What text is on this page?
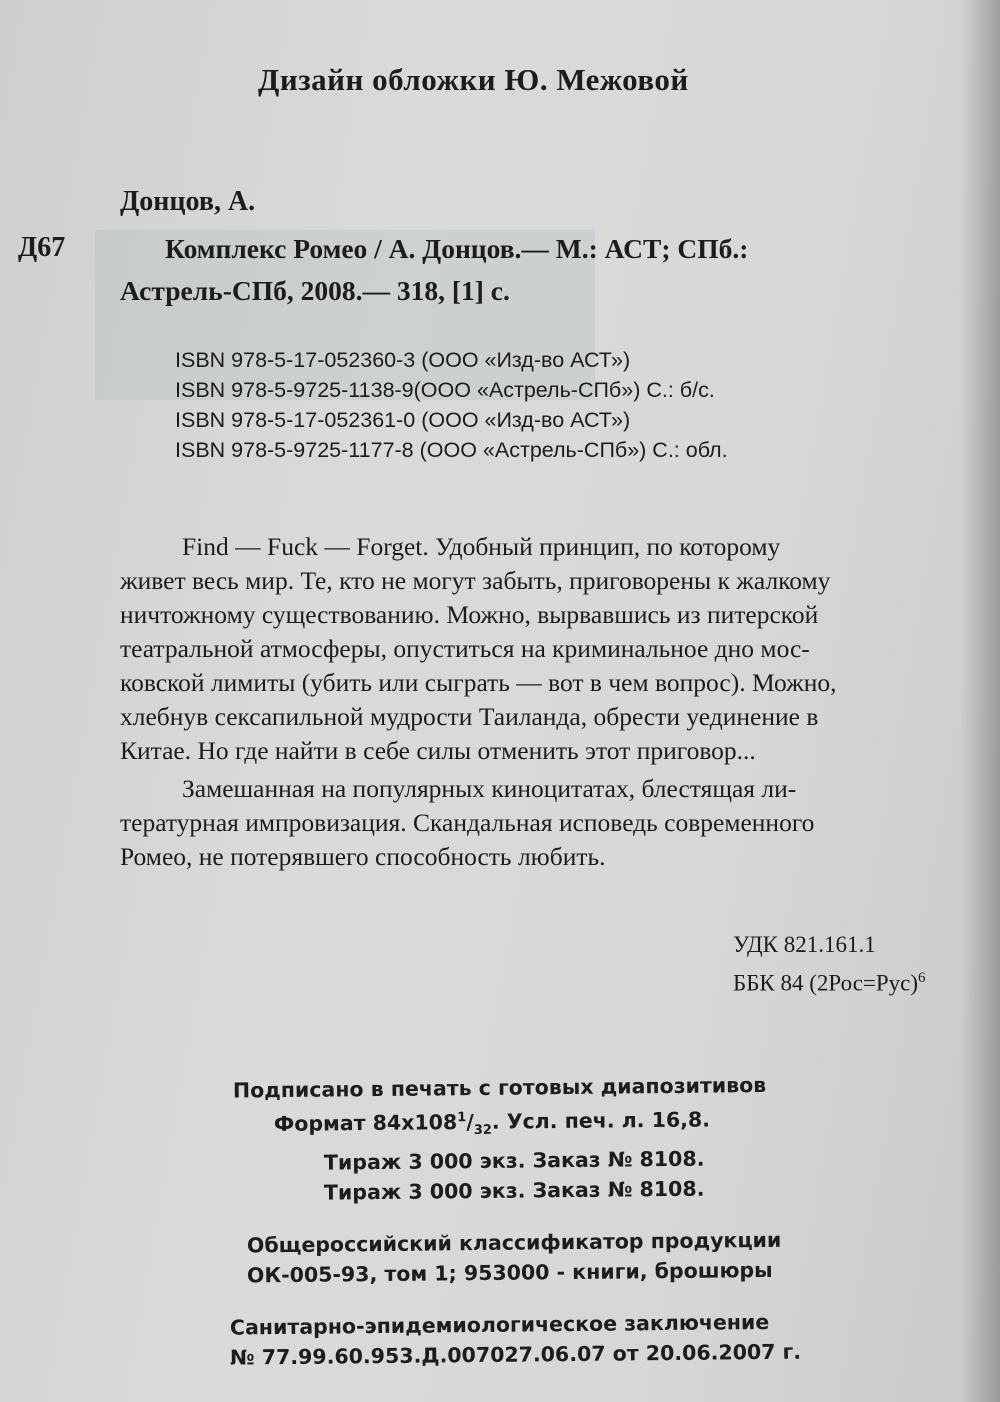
Дизайн обложки Ю. Межовой

Донцов, А.

Д67	Комплекс Ромео / А. Донцов.— М.: АСТ; СПб.:
Астрель-СПб, 2008.— 318, [1] с.
ISBN 978-5-17-052360-3 (ООО «Изд-во АСТ»)
ISBN 978-5-9725-1138-9(ООО «Астрель-СПб») С.: б/с.
ISBN 978-5-17-052361-0 (ООО «Изд-во АСТ»)
ISBN 978-5-9725-1177-8 (ООО «Астрель-СПб») С.: обл.

Find — Fuck — Forget. Удобный принцип, по которому

живет весь мир. Те, кто не могут забыть, приговорены к жалкому

ничтожному существованию. Можно, вырвавшись из питерской

театральной атмосферы, опуститься на криминальное дно мос-

ковской лимиты (убить или сыграть — вот в чем вопрос). Можно,

хлебнув сексапильной мудрости Таиланда, обрести уединение в

Китае. Но где найти в себе силы отменить этот приговор...

Замешанная на популярных киноцитатах, блестящая ли-

тературная импровизация. Скандальная исповедь современного

Ромео, не потерявшего способность любить.

УДК 821.161.1

ББК 84 (2Рос=Рус)$^6$

Подписано в печать с готовых диапозитивов
Формат $84x108^1/_{32}$. Усл. печ. л. 16,8.
Тираж 3 000 экз. Заказ № 8108.
Тираж 3 000 экз. Заказ № 8108.
Общероссийский классификатор продукции
ОК-005-93, том 1; 953000 - книги, брошюры
Санитарно-эпидемиологическое заключение
№ 77.99.60.953.Д.007027.06.07 от 20.06.2007 г.
